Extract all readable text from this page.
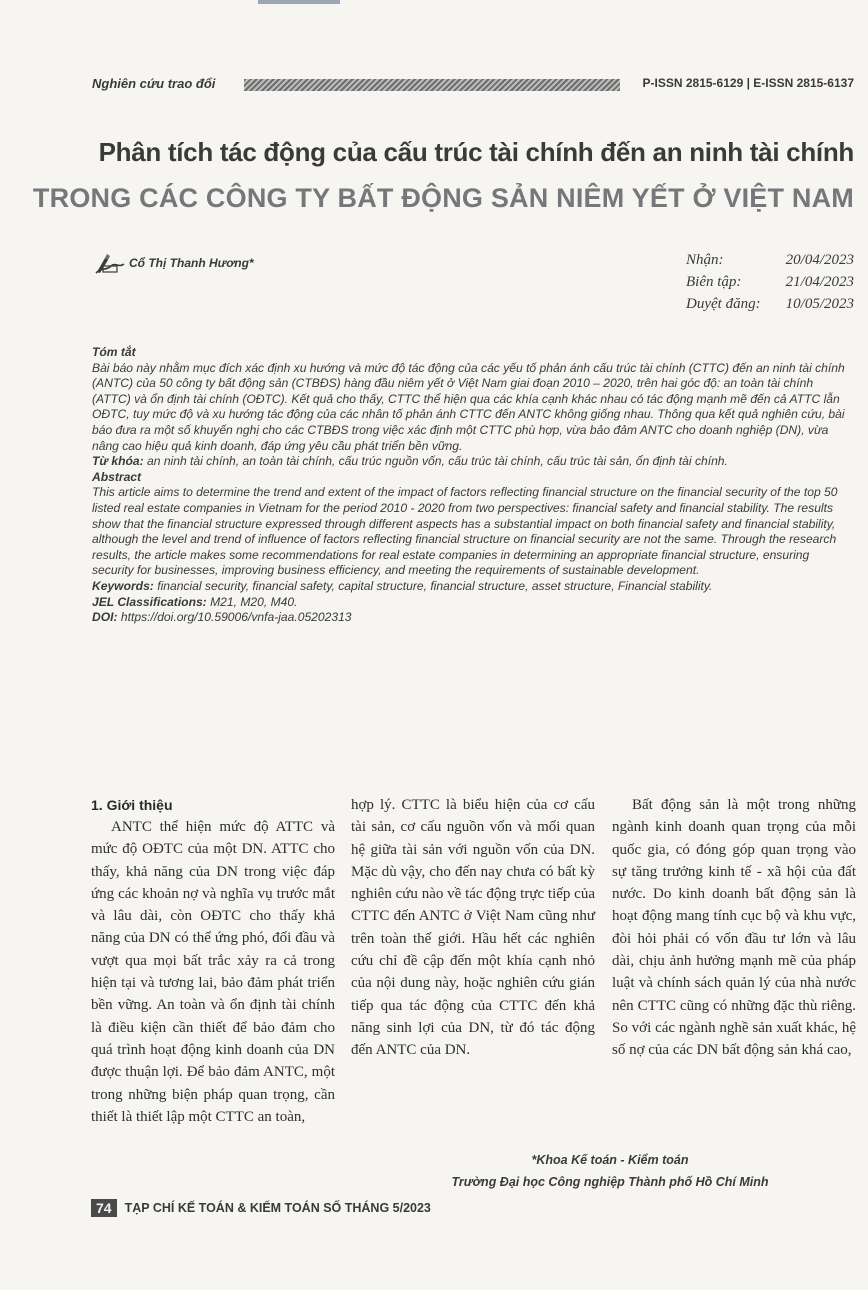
Nghiên cứu trao đổi	P-ISSN 2815-6129 | E-ISSN 2815-6137
Phân tích tác động của cấu trúc tài chính đến an ninh tài chính
TRONG CÁC CÔNG TY BẤT ĐỘNG SẢN NIÊM YẾT Ở VIỆT NAM
Cổ Thị Thanh Hương*	Nhận:	20/04/2023
Biên tập:	21/04/2023
Duyệt đăng: 10/05/2023

Tóm tắt

Bài báo này nhằm mục đích xác định xu hướng và mức độ tác động của các yếu tố phản ánh cấu trúc tài chính (CTTC) đến an ninh tài chính (ANTC) của 50 công ty bất động sản (CTBĐS) hàng đầu niêm yết ở Việt Nam giai đoạn 2010 – 2020, trên hai góc độ: an toàn tài chính (ATTC) và ổn định tài chính (OĐTC). Kết quả cho thấy, CTTC thể hiện qua các khía cạnh khác nhau có tác động mạnh mẽ đến cả ATTC lẫn OĐTC, tuy mức độ và xu hướng tác động của các nhân tố phản ánh CTTC đến ANTC không giống nhau. Thông qua kết quả nghiên cứu, bài báo đưa ra một số khuyến nghị cho các CTBĐS trong việc xác định một CTTC phù hợp, vừa bảo đảm ANTC cho doanh nghiệp (DN), vừa nâng cao hiệu quả kinh doanh, đáp ứng yêu cầu phát triển bền vững.

Từ khóa: an ninh tài chính, an toàn tài chính, cấu trúc nguồn vốn, cấu trúc tài chính, cấu trúc tài sản, ổn định tài chính.

Abstract

This article aims to determine the trend and extent of the impact of factors reflecting financial structure on the financial security of the top 50 listed real estate companies in Vietnam for the period 2010 - 2020 from two perspectives: financial safety and financial stability. The results show that the financial structure expressed through different aspects has a substantial impact on both financial safety and financial stability, although the level and trend of influence of factors reflecting financial structure on financial security are not the same. Through the research results, the article makes some recommendations for real estate companies in determining an appropriate financial structure, ensuring security for businesses, improving business efficiency, and meeting the requirements of sustainable development.

Keywords: financial security, financial safety, capital structure, financial structure, asset structure, Financial stability.

JEL Classifications: M21, M20, M40.

DOI: https://doi.org/10.59006/vnfa-jaa.05202313

1. Giới thiệu

ANTC thể hiện mức độ ATTC và mức độ OĐTC của một DN. ATTC cho thấy, khả năng của DN trong việc đáp ứng các khoản nợ và nghĩa vụ trước mắt và lâu dài, còn OĐTC cho thấy khả năng của DN có thể ứng phó, đối đầu và vượt qua mọi bất trắc xảy ra cả trong hiện tại và tương lai, bảo đảm phát triển bền vững. An toàn và ổn định tài chính là điều kiện cần thiết để bảo đảm cho quá trình hoạt động kinh doanh của DN được thuận lợi. Để bảo đảm ANTC, một trong những biện pháp quan trọng, cần thiết là thiết lập một CTTC an toàn,

hợp lý. CTTC là biểu hiện của cơ cấu tài sản, cơ cấu nguồn vốn và mối quan hệ giữa tài sản với nguồn vốn của DN. Mặc dù vậy, cho đến nay chưa có bất kỳ nghiên cứu nào về tác động trực tiếp của CTTC đến ANTC ở Việt Nam cũng như trên toàn thế giới. Hầu hết các nghiên cứu chỉ đề cập đến một khía cạnh nhỏ của nội dung này, hoặc nghiên cứu gián tiếp qua tác động của CTTC đến khả năng sinh lợi của DN, từ đó tác động đến ANTC của DN.

Bất động sản là một trong những ngành kinh doanh quan trọng của mỗi quốc gia, có đóng góp quan trọng vào sự tăng trưởng kinh tế - xã hội của đất nước. Do kinh doanh bất động sản là hoạt động mang tính cục bộ và khu vực, đòi hỏi phải có vốn đầu tư lớn và lâu dài, chịu ảnh hưởng mạnh mẽ của pháp luật và chính sách quản lý của nhà nước nên CTTC cũng có những đặc thù riêng. So với các ngành nghề sản xuất khác, hệ số nợ của các DN bất động sản khá cao,

*Khoa Kế toán - Kiểm toán
Trường Đại học Công nghiệp Thành phố Hồ Chí Minh
74	TẠP CHÍ KẾ TOÁN & KIỂM TOÁN SỐ THÁNG 5/2023
